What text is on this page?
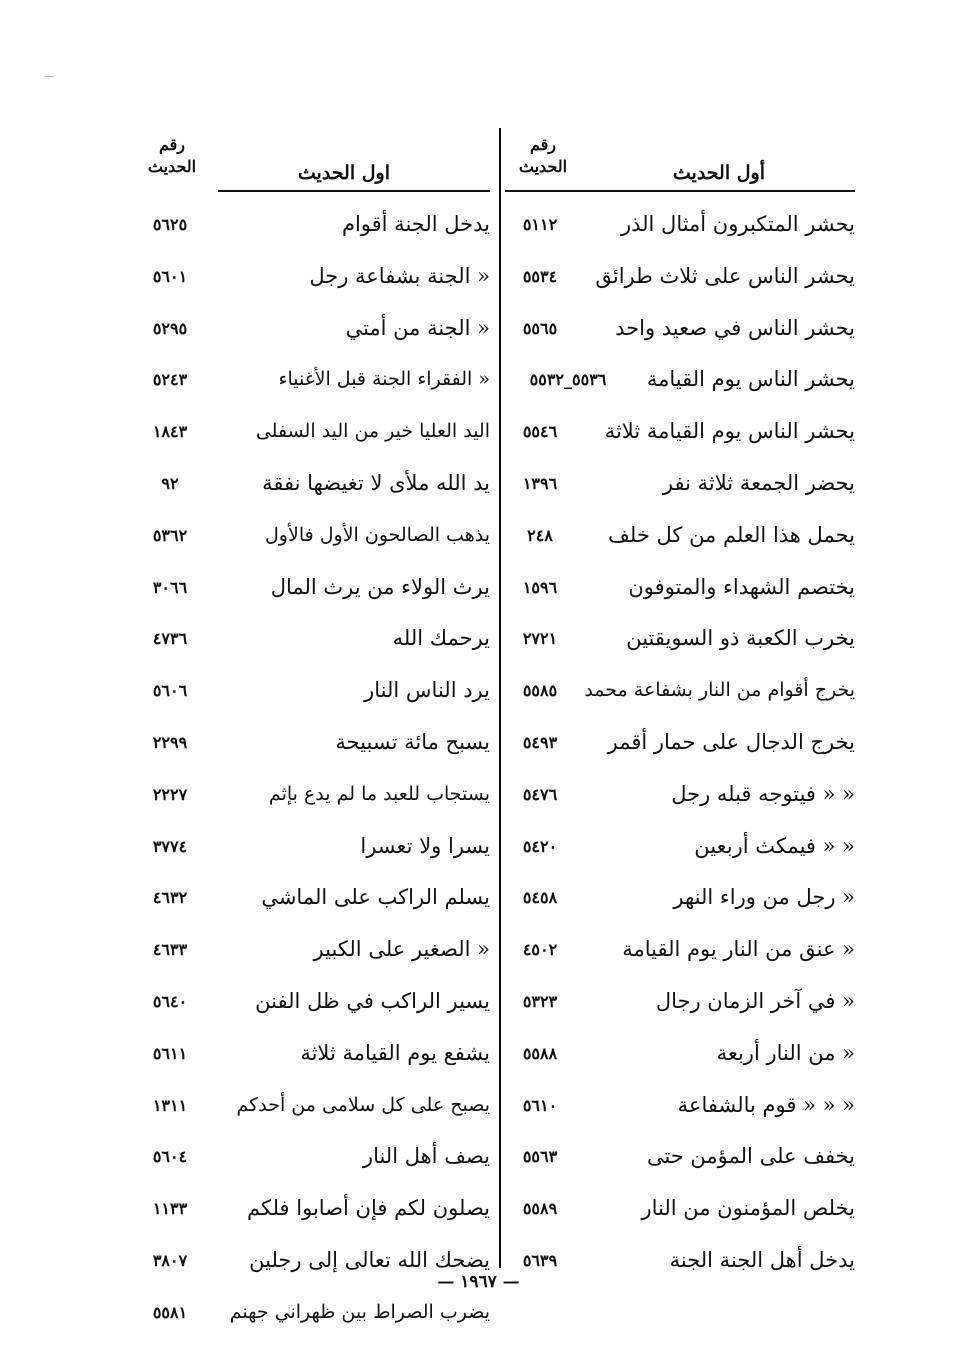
رقم الحديث	أول الحديث
رقم الحديث	اول الحديث
٥١١٢	يحشر المتكبرون أمثال الذر
٥٥٣٤	يحشر الناس على ثلاث طرائق
٥٥٦٥	يحشر الناس في صعيد واحد
٥٥٣٦_٥٥٣٢	يحشر الناس يوم القيامة
٥٥٤٦	يحشر الناس يوم القيامة ثلاثة
١٣٩٦	يحضر الجمعة ثلاثة نفر
٢٤٨	يحمل هذا العلم من كل خلف
١٥٩٦	يختصم الشهداء والمتوفون
٢٧٢١	يخرب الكعبة ذو السويقتين
٥٥٨٥	يخرج أقوام من النار بشفاعة محمد
٥٤٩٣	يخرج الدجال على حمار أقمر
٥٤٧٦	« « فيتوجه قبله رجل
٥٤٢٠	« « فيمكث أربعين
٥٤٥٨	« رجل من وراء النهر
٤٥٠٢	« عنق من النار يوم القيامة
٥٣٢٣	« في آخر الزمان رجال
٥٥٨٨	« من النار أربعة
٥٦١٠	« « « قوم بالشفاعة
٥٥٦٣	يخفف على المؤمن حتى
٥٥٨٩	يخلص المؤمنون من النار
٥٦٣٩	يدخل أهل الجنة الجنة
٥٦٢٥	يدخل الجنة أقوام
٥٦٠١	« الجنة بشفاعة رجل
٥٢٩٥	« الجنة من أمتي
٥٢٤٣	« الفقراء الجنة قبل الأغنياء
١٨٤٣	اليد العليا خير من اليد السفلى
٩٢	يد الله ملأى لا تغيضها نفقة
٥٣٦٢	يذهب الصالحون الأول فالأول
٣٠٦٦	يرث الولاء من يرث المال
٤٧٣٦	يرحمك الله
٥٦٠٦	يرد الناس النار
٢٢٩٩	يسبح مائة تسبيحة
٢٢٢٧	يستجاب للعبد ما لم يدع بإثم
٣٧٧٤	يسرا ولا تعسرا
٤٦٣٢	يسلم الراكب على الماشي
٤٦٣٣	« الصغير على الكبير
٥٦٤٠	يسير الراكب في ظل الفنن
٥٦١١	يشفع يوم القيامة ثلاثة
١٣١١	يصبح على كل سلامى من أحدكم
٥٦٠٤	يصف أهل النار
١١٣٣	يصلون لكم فإن أصابوا فلكم
٣٨٠٧	يضحك الله تعالى إلى رجلين
٥٥٨١	يضرب الصراط بين ظهراني جهنم
— ١٩٦٧ —
